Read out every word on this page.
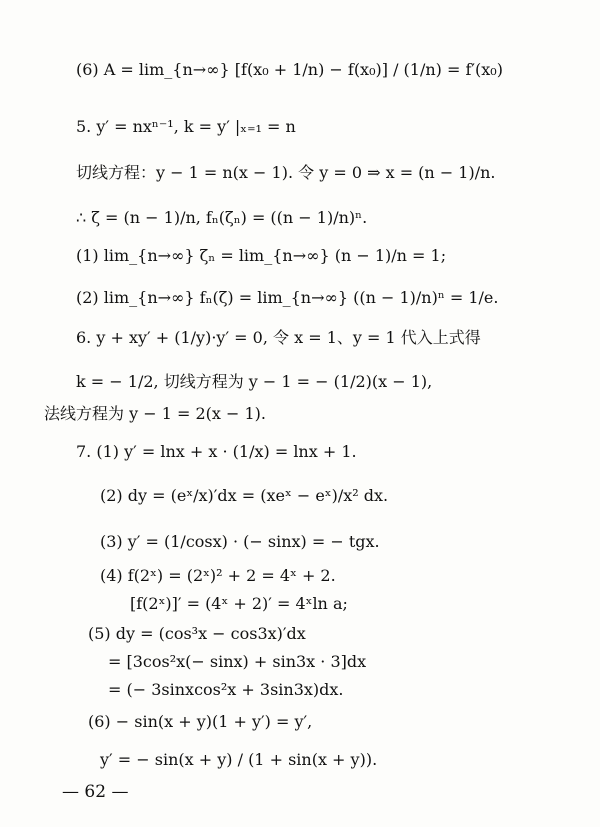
(6) A = lim_{n→∞} [f(x₀ + 1/n) − f(x₀)] / (1/n) = f′(x₀)
5. y′ = nxⁿ⁻¹, k = y′ |ₓ₌₁ = n
切线方程：y − 1 = n(x − 1). 令 y = 0 ⇒ x = (n − 1)/n.
∴ ζ = (n − 1)/n, fₙ(ζₙ) = ((n − 1)/n)ⁿ.
(1) lim_{n→∞} ζₙ = lim_{n→∞} (n − 1)/n = 1;
(2) lim_{n→∞} fₙ(ζ) = lim_{n→∞} ((n − 1)/n)ⁿ = 1/e.
6. y + xy′ + (1/y)·y′ = 0, 令 x = 1、y = 1 代入上式得
k = − 1/2, 切线方程为 y − 1 = − (1/2)(x − 1),
法线方程为 y − 1 = 2(x − 1).
7. (1) y′ = lnx + x · (1/x) = lnx + 1.
(2) dy = (eˣ/x)′dx = (xeˣ − eˣ)/x² dx.
(3) y′ = (1/cosx) · (− sinx) = − tgx.
(4) f(2ˣ) = (2ˣ)² + 2 = 4ˣ + 2.
[f(2ˣ)]′ = (4ˣ + 2)′ = 4ˣln a;
(5) dy = (cos³x − cos3x)′dx
= [3cos²x(− sinx) + sin3x · 3]dx
= (− 3sinxcos²x + 3sin3x)dx.
(6) − sin(x + y)(1 + y′) = y′,
y′ = − sin(x + y) / (1 + sin(x + y)).
— 62 —
